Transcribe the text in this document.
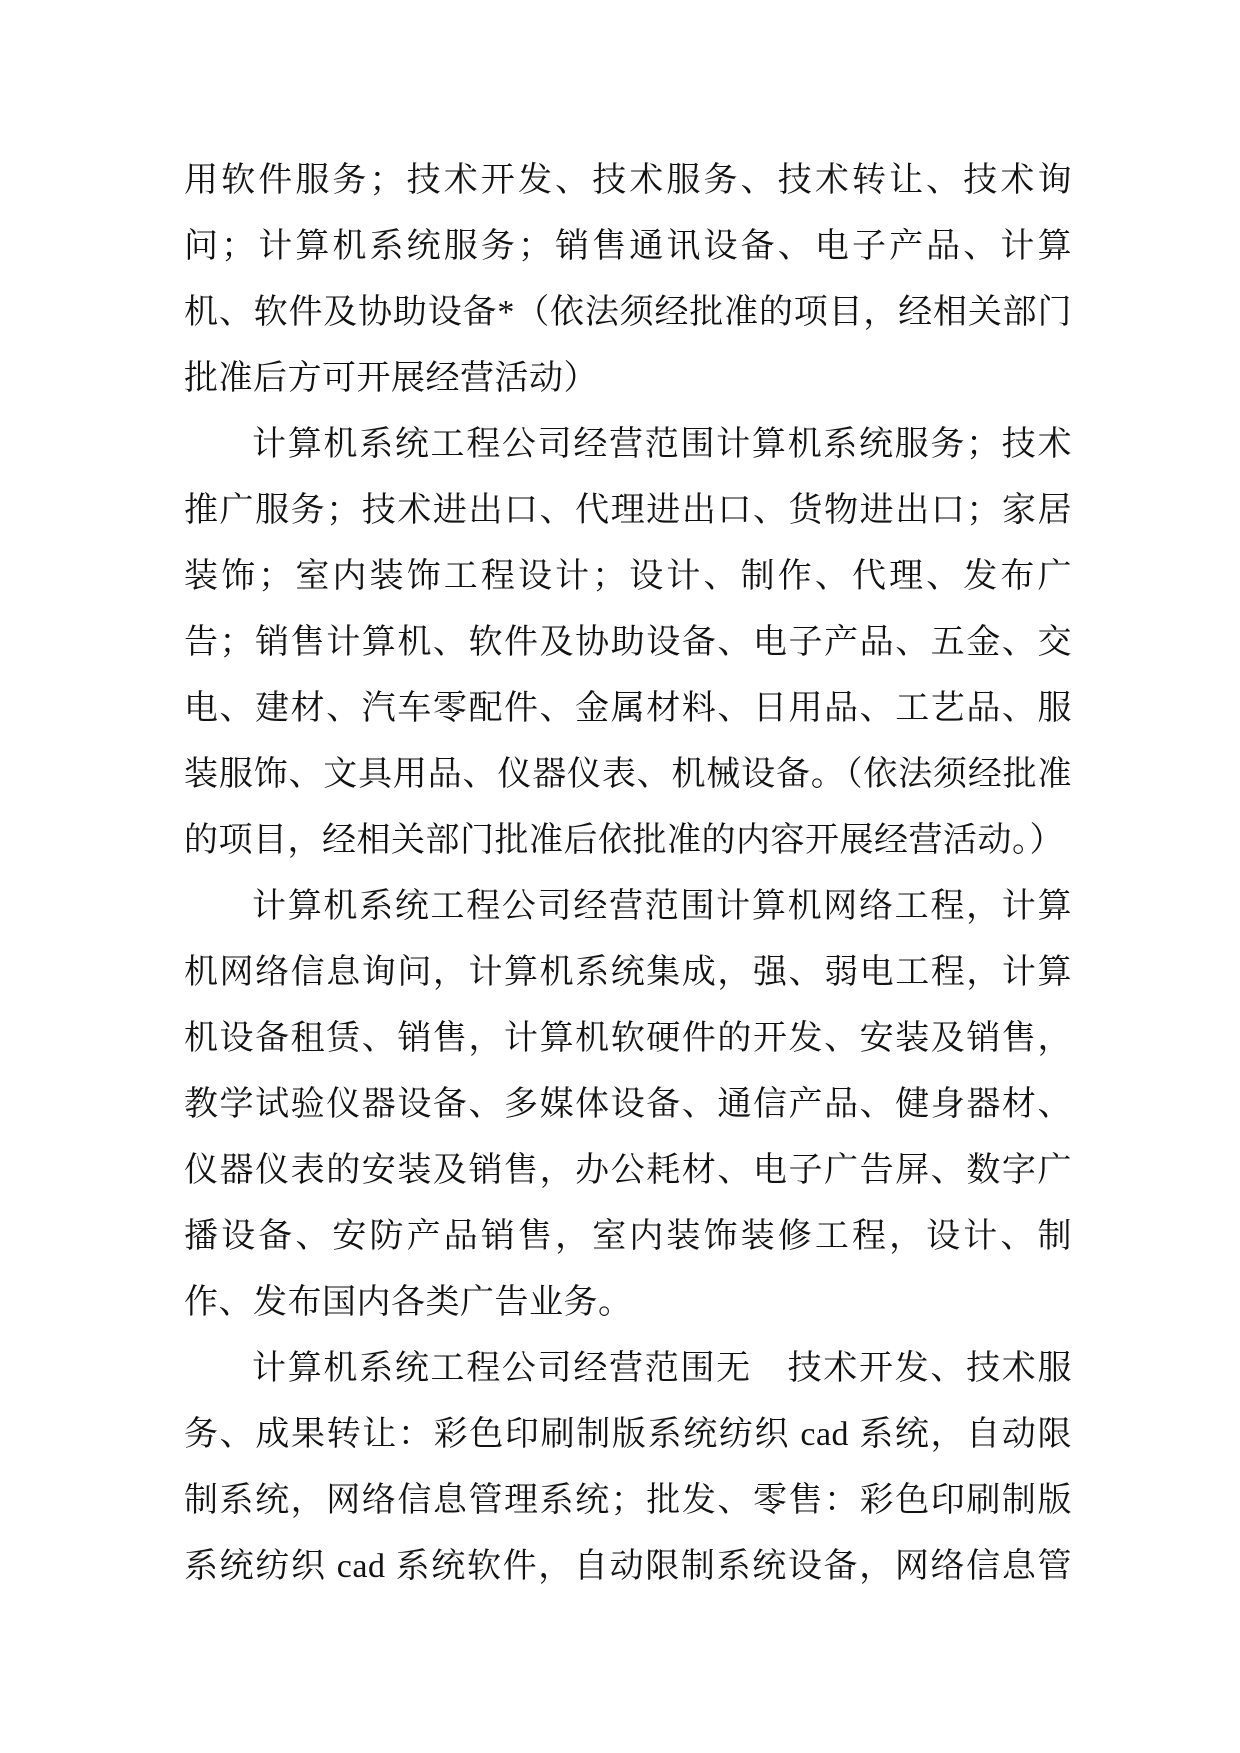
用软件服务；技术开发、技术服务、技术转让、技术询
问；计算机系统服务；销售通讯设备、电子产品、计算
机、软件及协助设备*（依法须经批准的项目，经相关部门
批准后方可开展经营活动）
计算机系统工程公司经营范围计算机系统服务；技术
推广服务；技术进出口、代理进出口、货物进出口；家居
装饰；室内装饰工程设计；设计、制作、代理、发布广
告；销售计算机、软件及协助设备、电子产品、五金、交
电、建材、汽车零配件、金属材料、日用品、工艺品、服
装服饰、文具用品、仪器仪表、机械设备。（依法须经批准
的项目，经相关部门批准后依批准的内容开展经营活动。）
计算机系统工程公司经营范围计算机网络工程，计算
机网络信息询问，计算机系统集成，强、弱电工程，计算
机设备租赁、销售，计算机软硬件的开发、安装及销售，
教学试验仪器设备、多媒体设备、通信产品、健身器材、
仪器仪表的安装及销售，办公耗材、电子广告屏、数字广
播设备、安防产品销售，室内装饰装修工程，设计、制
作、发布国内各类广告业务。
计算机系统工程公司经营范围无　技术开发、技术服
务、成果转让：彩色印刷制版系统纺织 cad 系统，自动限
制系统，网络信息管理系统；批发、零售：彩色印刷制版
系统纺织 cad 系统软件，自动限制系统设备，网络信息管
